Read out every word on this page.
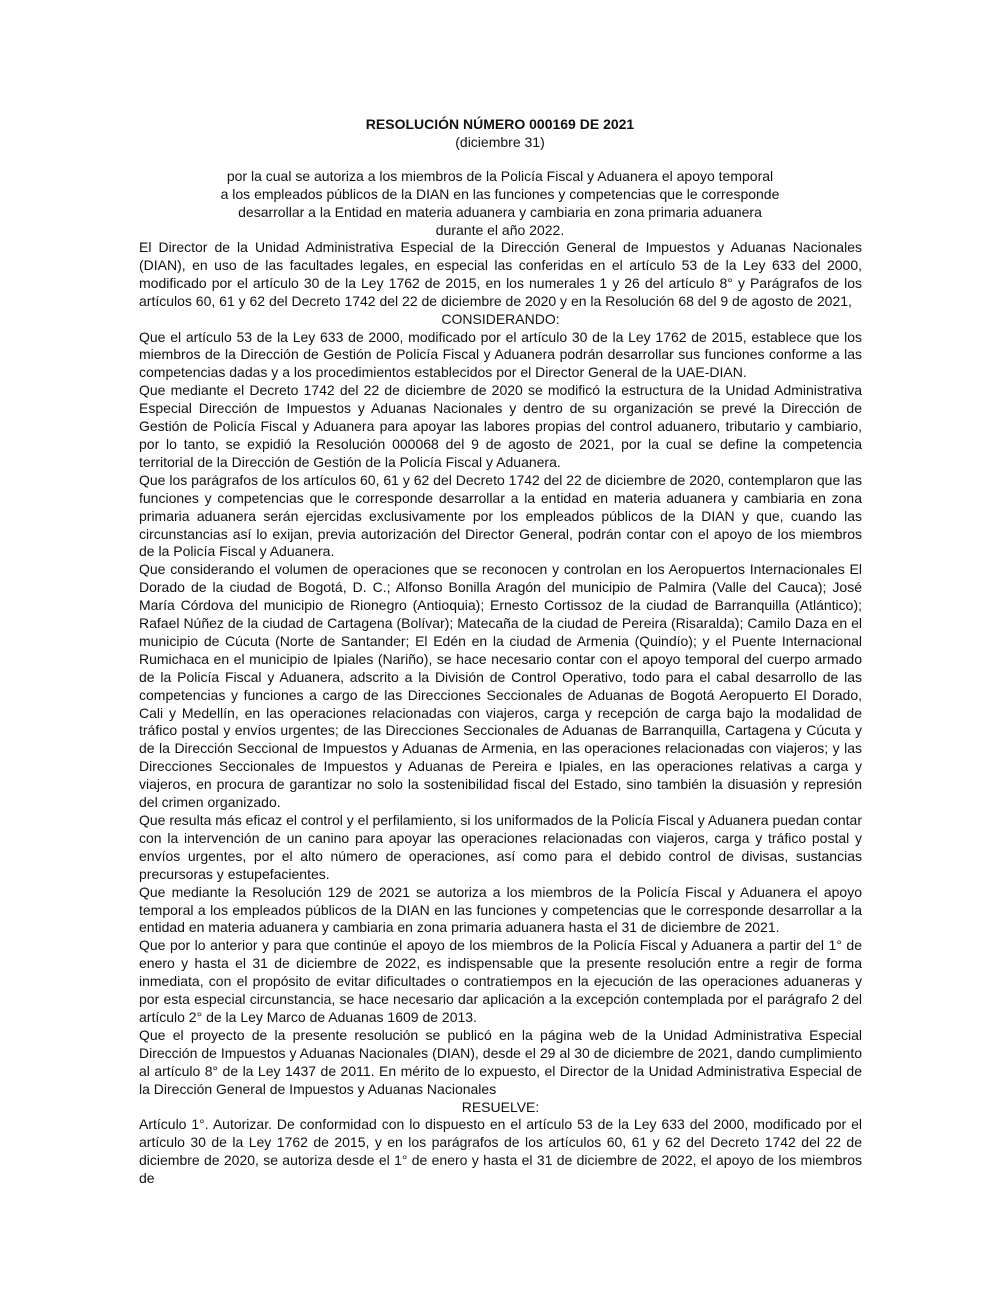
RESOLUCIÓN NÚMERO 000169 DE 2021
(diciembre 31)
por la cual se autoriza a los miembros de la Policía Fiscal y Aduanera el apoyo temporal
a los empleados públicos de la DIAN en las funciones y competencias que le corresponde
desarrollar a la Entidad en materia aduanera y cambiaria en zona primaria aduanera
durante el año 2022.

El Director de la Unidad Administrativa Especial de la Dirección General de Impuestos y Aduanas Nacionales (DIAN), en uso de las facultades legales, en especial las conferidas en el artículo 53 de la Ley 633 del 2000, modificado por el artículo 30 de la Ley 1762 de 2015, en los numerales 1 y 26 del artículo 8° y Parágrafos de los artículos 60, 61 y 62 del Decreto 1742 del 22 de diciembre de 2020 y en la Resolución 68 del 9 de agosto de 2021,

CONSIDERANDO:

Que el artículo 53 de la Ley 633 de 2000, modificado por el artículo 30 de la Ley 1762 de 2015, establece que los miembros de la Dirección de Gestión de Policía Fiscal y Aduanera podrán desarrollar sus funciones conforme a las competencias dadas y a los procedimientos establecidos por el Director General de la UAE-DIAN.

Que mediante el Decreto 1742 del 22 de diciembre de 2020 se modificó la estructura de la Unidad Administrativa Especial Dirección de Impuestos y Aduanas Nacionales y dentro de su organización se prevé la Dirección de Gestión de Policía Fiscal y Aduanera para apoyar las labores propias del control aduanero, tributario y cambiario, por lo tanto, se expidió la Resolución 000068 del 9 de agosto de 2021, por la cual se define la competencia territorial de la Dirección de Gestión de la Policía Fiscal y Aduanera.

Que los parágrafos de los artículos 60, 61 y 62 del Decreto 1742 del 22 de diciembre de 2020, contemplaron que las funciones y competencias que le corresponde desarrollar a la entidad en materia aduanera y cambiaria en zona primaria aduanera serán ejercidas exclusivamente por los empleados públicos de la DIAN y que, cuando las circunstancias así lo exijan, previa autorización del Director General, podrán contar con el apoyo de los miembros de la Policía Fiscal y Aduanera.

Que considerando el volumen de operaciones que se reconocen y controlan en los Aeropuertos Internacionales El Dorado de la ciudad de Bogotá, D. C.; Alfonso Bonilla Aragón del municipio de Palmira (Valle del Cauca); José María Córdova del municipio de Rionegro (Antioquia); Ernesto Cortissoz de la ciudad de Barranquilla (Atlántico); Rafael Núñez de la ciudad de Cartagena (Bolívar); Matecaña de la ciudad de Pereira (Risaralda); Camilo Daza en el municipio de Cúcuta (Norte de Santander; El Edén en la ciudad de Armenia (Quindío); y el Puente Internacional Rumichaca en el municipio de Ipiales (Nariño), se hace necesario contar con el apoyo temporal del cuerpo armado de la Policía Fiscal y Aduanera, adscrito a la División de Control Operativo, todo para el cabal desarrollo de las competencias y funciones a cargo de las Direcciones Seccionales de Aduanas de Bogotá Aeropuerto El Dorado, Cali y Medellín, en las operaciones relacionadas con viajeros, carga y recepción de carga bajo la modalidad de tráfico postal y envíos urgentes; de las Direcciones Seccionales de Aduanas de Barranquilla, Cartagena y Cúcuta y de la Dirección Seccional de Impuestos y Aduanas de Armenia, en las operaciones relacionadas con viajeros; y las Direcciones Seccionales de Impuestos y Aduanas de Pereira e Ipiales, en las operaciones relativas a carga y viajeros, en procura de garantizar no solo la sostenibilidad fiscal del Estado, sino también la disuasión y represión del crimen organizado.

Que resulta más eficaz el control y el perfilamiento, si los uniformados de la Policía Fiscal y Aduanera puedan contar con la intervención de un canino para apoyar las operaciones relacionadas con viajeros, carga y tráfico postal y envíos urgentes, por el alto número de operaciones, así como para el debido control de divisas, sustancias precursoras y estupefacientes.

Que mediante la Resolución 129 de 2021 se autoriza a los miembros de la Policía Fiscal y Aduanera el apoyo temporal a los empleados públicos de la DIAN en las funciones y competencias que le corresponde desarrollar a la entidad en materia aduanera y cambiaria en zona primaria aduanera hasta el 31 de diciembre de 2021.

Que por lo anterior y para que continúe el apoyo de los miembros de la Policía Fiscal y Aduanera a partir del 1° de enero y hasta el 31 de diciembre de 2022, es indispensable que la presente resolución entre a regir de forma inmediata, con el propósito de evitar dificultades o contratiempos en la ejecución de las operaciones aduaneras y por esta especial circunstancia, se hace necesario dar aplicación a la excepción contemplada por el parágrafo 2 del artículo 2° de la Ley Marco de Aduanas 1609 de 2013.

Que el proyecto de la presente resolución se publicó en la página web de la Unidad Administrativa Especial Dirección de Impuestos y Aduanas Nacionales (DIAN), desde el 29 al 30 de diciembre de 2021, dando cumplimiento al artículo 8° de la Ley 1437 de 2011. En mérito de lo expuesto, el Director de la Unidad Administrativa Especial de la Dirección General de Impuestos y Aduanas Nacionales

RESUELVE:

Artículo 1°. Autorizar. De conformidad con lo dispuesto en el artículo 53 de la Ley 633 del 2000, modificado por el artículo 30 de la Ley 1762 de 2015, y en los parágrafos de los artículos 60, 61 y 62 del Decreto 1742 del 22 de diciembre de 2020, se autoriza desde el 1° de enero y hasta el 31 de diciembre de 2022, el apoyo de los miembros de
